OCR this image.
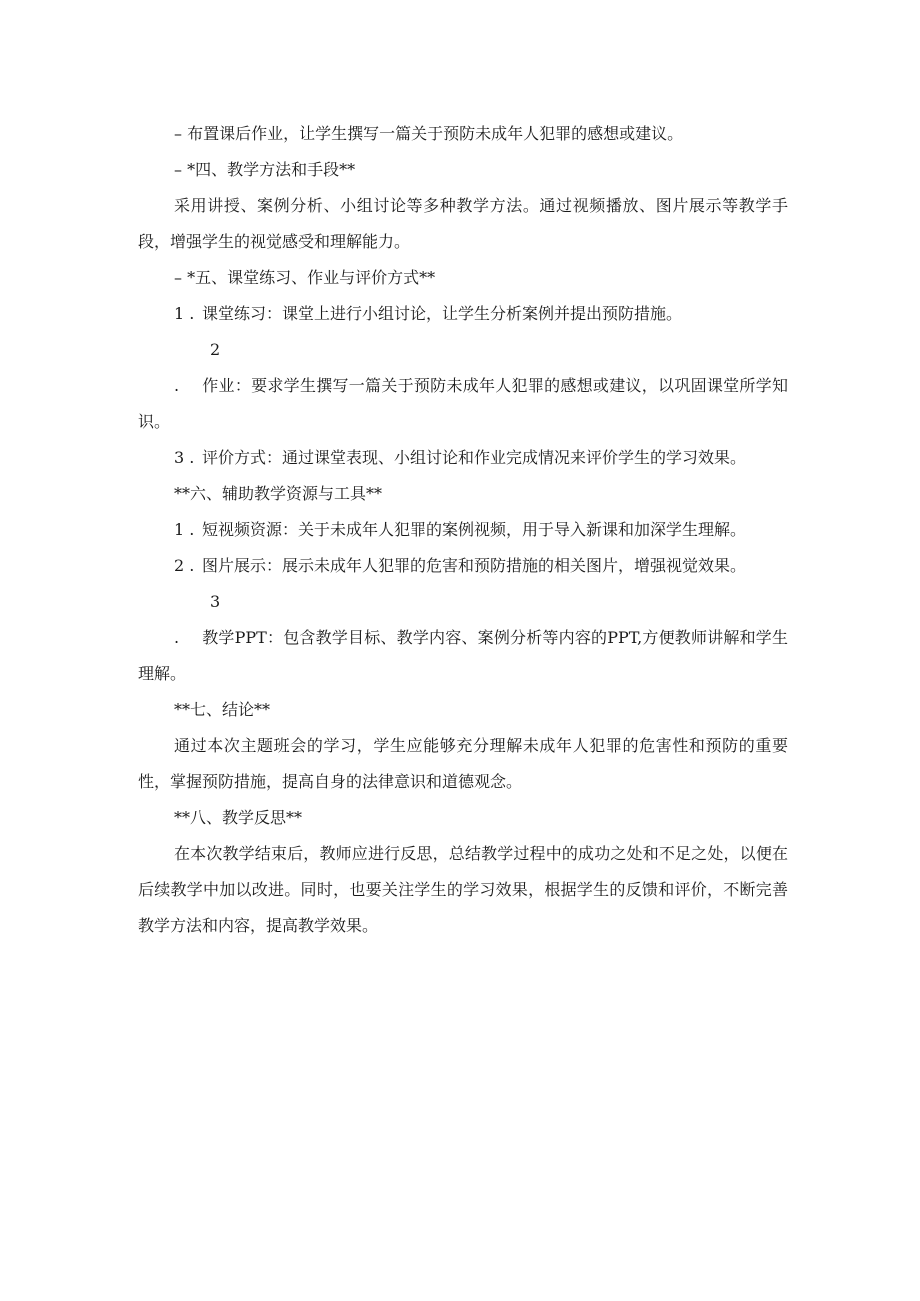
– 布置课后作业，让学生撰写一篇关于预防未成年人犯罪的感想或建议。

– *四、教学方法和手段**

采用讲授、案例分析、小组讨论等多种教学方法。通过视频播放、图片展示等教学手段，增强学生的视觉感受和理解能力。

– *五、课堂练习、作业与评价方式**

1 . 课堂练习：课堂上进行小组讨论，让学生分析案例并提出预防措施。

2 . 作业：要求学生撰写一篇关于预防未成年人犯罪的感想或建议，以巩固课堂所学知识。

3 . 评价方式：通过课堂表现、小组讨论和作业完成情况来评价学生的学习效果。

**六、辅助教学资源与工具**

1 . 短视频资源：关于未成年人犯罪的案例视频，用于导入新课和加深学生理解。

2 . 图片展示：展示未成年人犯罪的危害和预防措施的相关图片，增强视觉效果。

3 . 教学PPT：包含教学目标、教学内容、案例分析等内容的PPT,方便教师讲解和学生理解。

**七、结论**

通过本次主题班会的学习，学生应能够充分理解未成年人犯罪的危害性和预防的重要性，掌握预防措施，提高自身的法律意识和道德观念。

**八、教学反思**

在本次教学结束后，教师应进行反思，总结教学过程中的成功之处和不足之处，以便在后续教学中加以改进。同时，也要关注学生的学习效果，根据学生的反馈和评价，不断完善教学方法和内容，提高教学效果。
